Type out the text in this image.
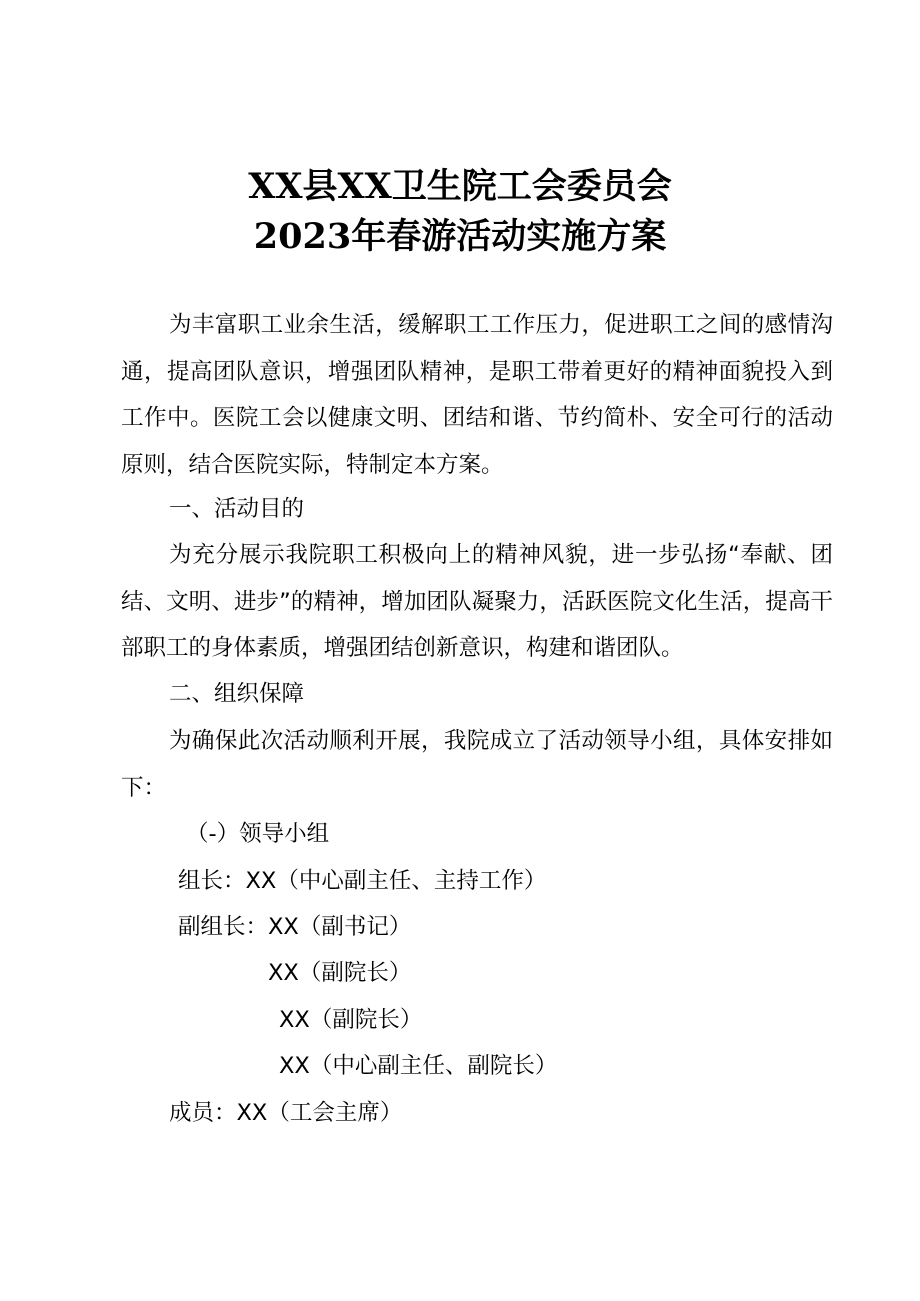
XX县XX卫生院工会委员会
2023年春游活动实施方案
为丰富职工业余生活，缓解职工工作压力，促进职工之间的感情沟通，提高团队意识，增强团队精神，是职工带着更好的精神面貌投入到工作中。医院工会以健康文明、团结和谐、节约简朴、安全可行的活动原则，结合医院实际，特制定本方案。
一、活动目的
为充分展示我院职工积极向上的精神风貌，进一步弘扬“奉献、团结、文明、进步”的精神，增加团队凝聚力，活跃医院文化生活，提高干部职工的身体素质，增强团结创新意识，构建和谐团队。
二、组织保障
为确保此次活动顺利开展，我院成立了活动领导小组，具体安排如下：
（-）领导小组
组长：XX（中心副主任、主持工作）
副组长：XX（副书记）
XX（副院长）
XX（副院长）
XX（中心副主任、副院长）
成员：XX（工会主席）
